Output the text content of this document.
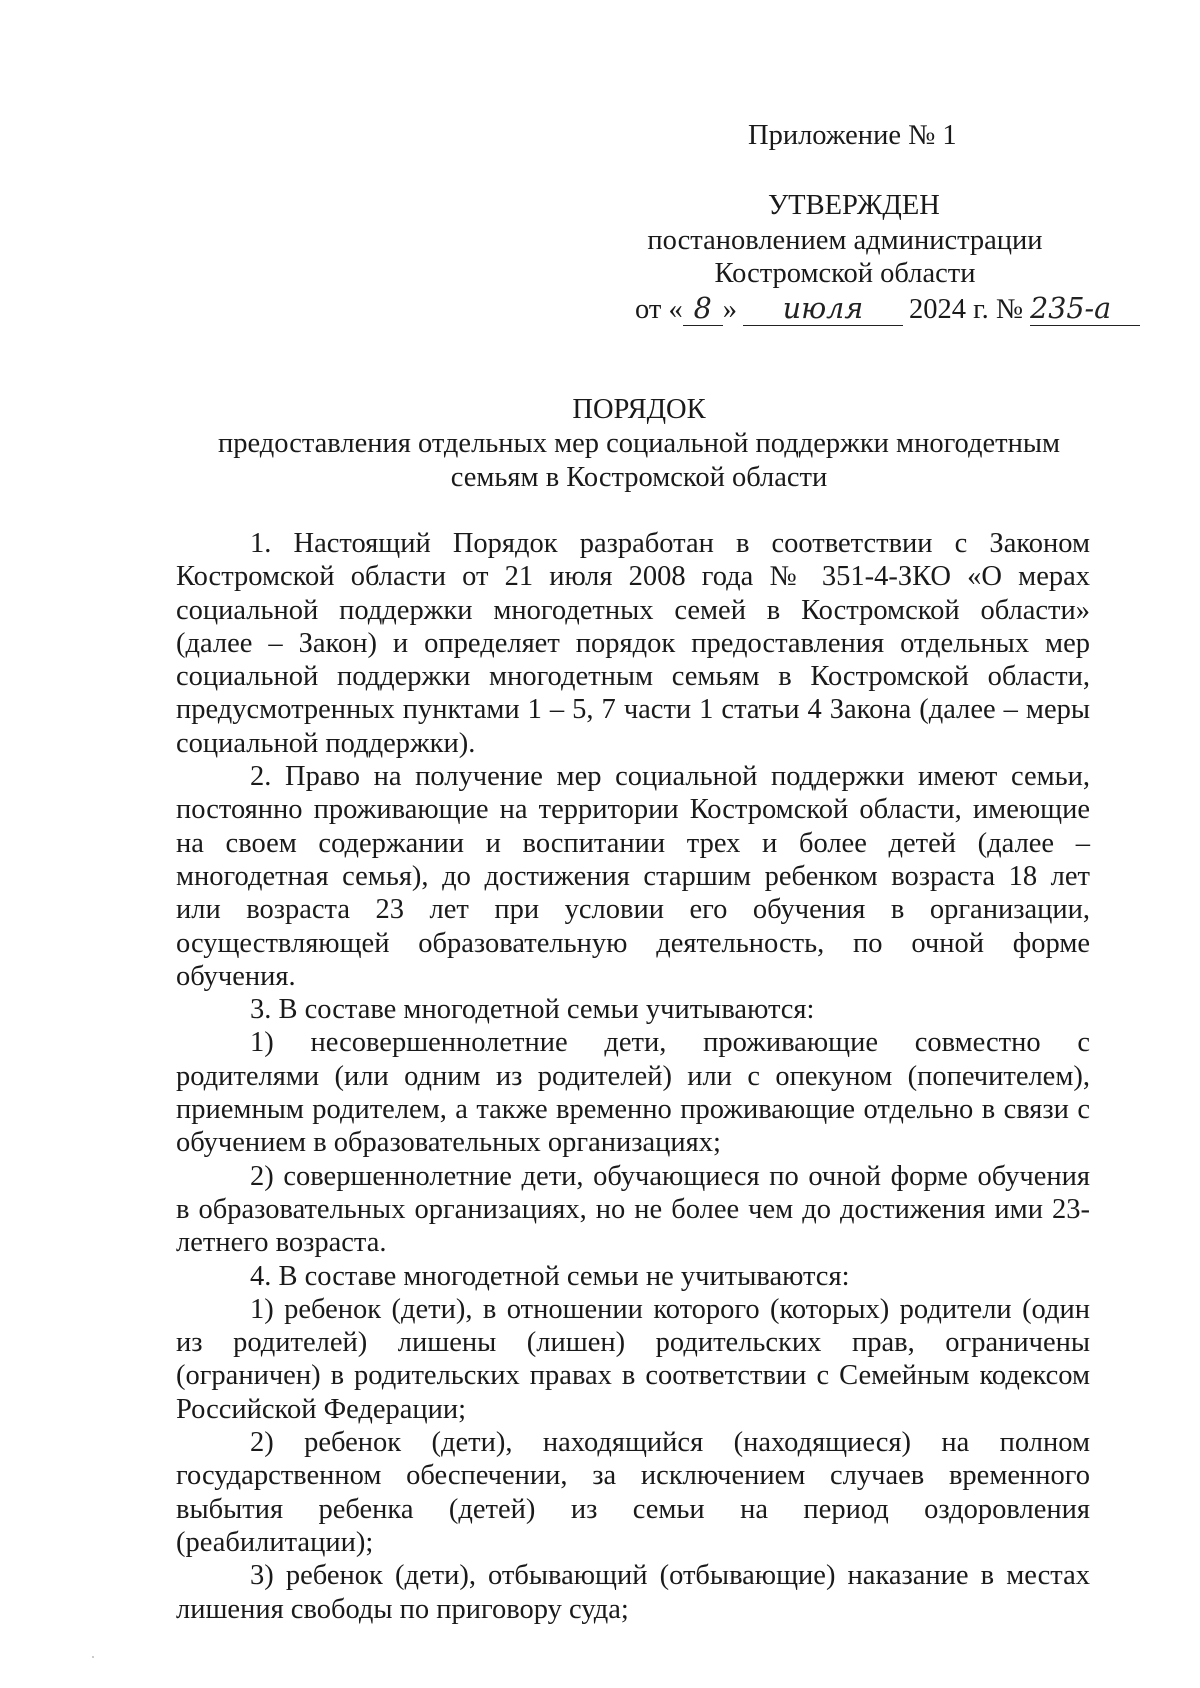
Приложение № 1
УТВЕРЖДЕН
постановлением администрации
Костромской области
от « 8 » июля 2024 г. № 235-а
ПОРЯДОК
предоставления отдельных мер социальной поддержки многодетным семьям в Костромской области

1. Настоящий Порядок разработан в соответствии с Законом Костромской области от 21 июля 2008 года № 351-4-ЗКО «О мерах социальной поддержки многодетных семей в Костромской области» (далее – Закон) и определяет порядок предоставления отдельных мер социальной поддержки многодетным семьям в Костромской области, предусмотренных пунктами 1 – 5, 7 части 1 статьи 4 Закона (далее – меры социальной поддержки).

2. Право на получение мер социальной поддержки имеют семьи, постоянно проживающие на территории Костромской области, имеющие на своем содержании и воспитании трех и более детей (далее – многодетная семья), до достижения старшим ребенком возраста 18 лет или возраста 23 лет при условии его обучения в организации, осуществляющей образовательную деятельность, по очной форме обучения.

3. В составе многодетной семьи учитываются:

1) несовершеннолетние дети, проживающие совместно с родителями (или одним из родителей) или с опекуном (попечителем), приемным родителем, а также временно проживающие отдельно в связи с обучением в образовательных организациях;

2) совершеннолетние дети, обучающиеся по очной форме обучения в образовательных организациях, но не более чем до достижения ими 23-летнего возраста.

4. В составе многодетной семьи не учитываются:

1) ребенок (дети), в отношении которого (которых) родители (один из родителей) лишены (лишен) родительских прав, ограничены (ограничен) в родительских правах в соответствии с Семейным кодексом Российской Федерации;

2) ребенок (дети), находящийся (находящиеся) на полном государственном обеспечении, за исключением случаев временного выбытия ребенка (детей) из семьи на период оздоровления (реабилитации);

3) ребенок (дети), отбывающий (отбывающие) наказание в местах лишения свободы по приговору суда;
